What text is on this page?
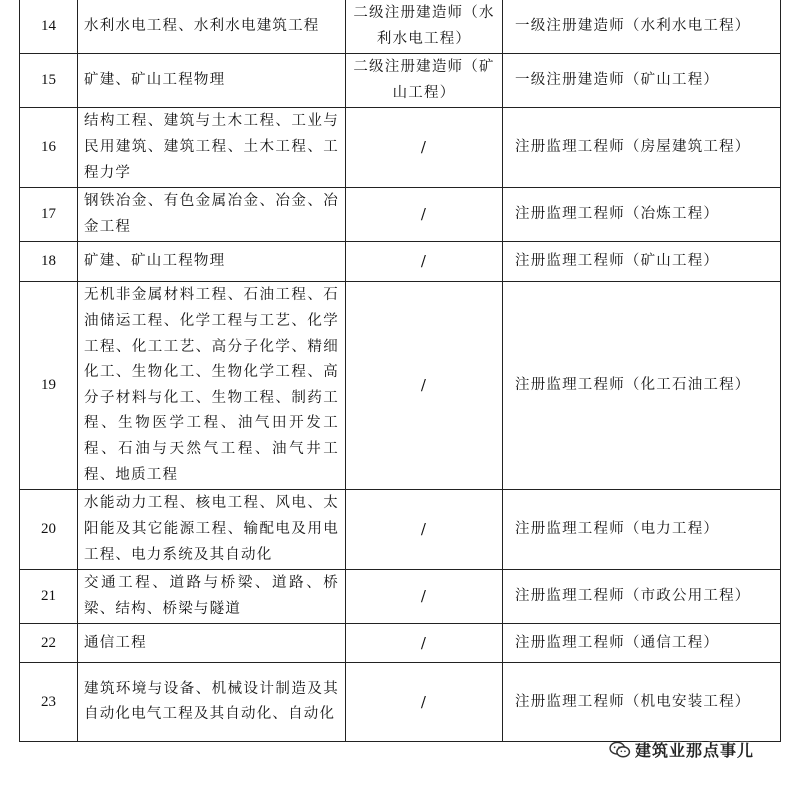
14	水利水电工程、水利水电建筑工程	二级注册建造师（水利水电工程）	一级注册建造师（水利水电工程）
15	矿建、矿山工程物理	二级注册建造师（矿山工程）	一级注册建造师（矿山工程）
16	结构工程、建筑与土木工程、工业与民用建筑、建筑工程、土木工程、工程力学	/	注册监理工程师（房屋建筑工程）
17	钢铁冶金、有色金属冶金、冶金、冶金工程	/	注册监理工程师（冶炼工程）
18	矿建、矿山工程物理	/	注册监理工程师（矿山工程）
19	无机非金属材料工程、石油工程、石油储运工程、化学工程与工艺、化学工程、化工工艺、高分子化学、精细化工、生物化工、生物化学工程、高分子材料与化工、生物工程、制药工程、生物医学工程、油气田开发工程、石油与天然气工程、油气井工程、地质工程	/	注册监理工程师（化工石油工程）
20	水能动力工程、核电工程、风电、太阳能及其它能源工程、输配电及用电工程、电力系统及其自动化	/	注册监理工程师（电力工程）
21	交通工程、道路与桥梁、道路、桥梁、结构、桥梁与隧道	/	注册监理工程师（市政公用工程）
22	通信工程	/	注册监理工程师（通信工程）
23	建筑环境与设备、机械设计制造及其自动化电气工程及其自动化、自动化	/	注册监理工程师（机电安装工程）
建筑业那点事儿
